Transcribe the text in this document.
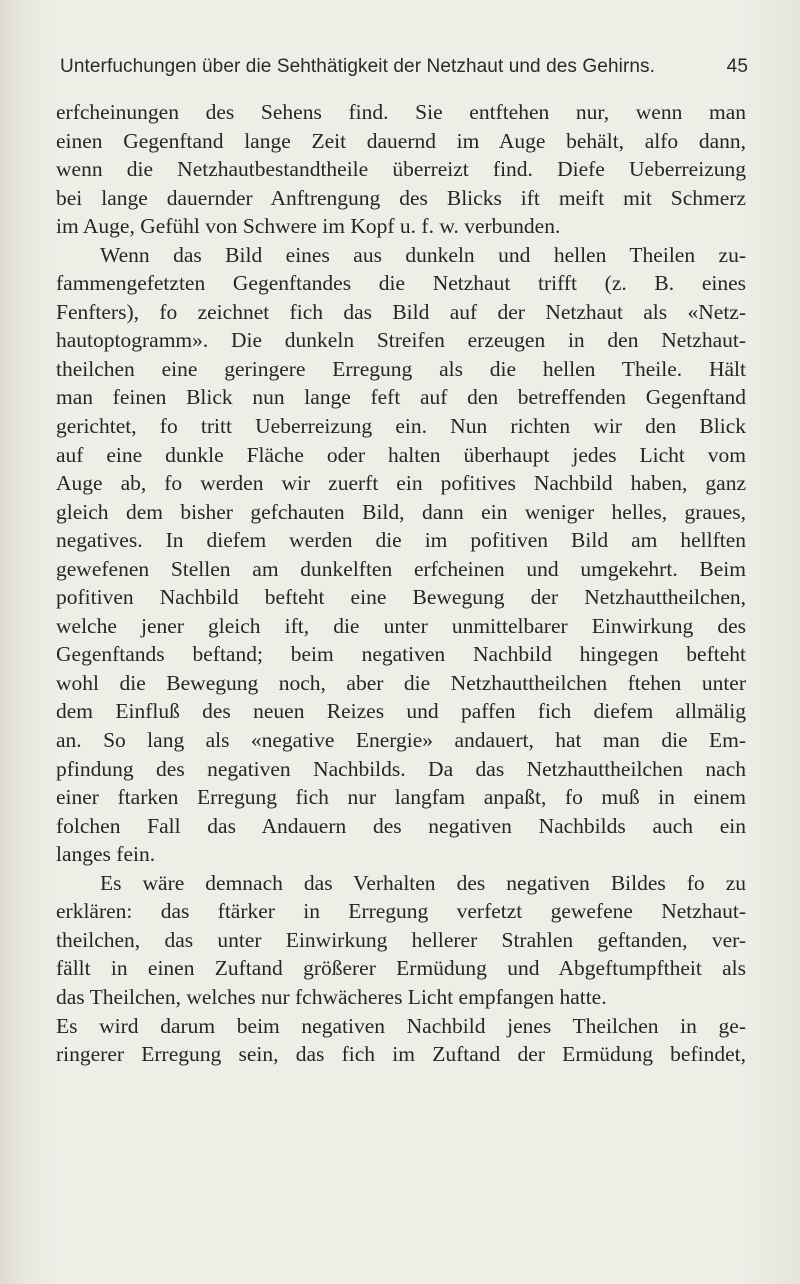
Unterfuchungen über die Sehthätigkeit der Netzhaut und des Gehirns.	45
erfcheinungen des Sehens find. Sie entftehen nur, wenn man
einen Gegenftand lange Zeit dauernd im Auge behält, alfo dann,
wenn die Netzhautbestandtheile überreizt find. Diefe Ueberreizung
bei lange dauernder Anftrengung des Blicks ift meift mit Schmerz
im Auge, Gefühl von Schwere im Kopf u. f. w. verbunden.
Wenn das Bild eines aus dunkeln und hellen Theilen zu-
fammengefetzten Gegenftandes die Netzhaut trifft (z. B. eines
Fenfters), fo zeichnet fich das Bild auf der Netzhaut als «Netz-
hautoptogramm». Die dunkeln Streifen erzeugen in den Netzhaut-
theilchen eine geringere Erregung als die hellen Theile. Hält
man feinen Blick nun lange feft auf den betreffenden Gegenftand
gerichtet, fo tritt Ueberreizung ein. Nun richten wir den Blick
auf eine dunkle Fläche oder halten überhaupt jedes Licht vom
Auge ab, fo werden wir zuerft ein pofitives Nachbild haben, ganz
gleich dem bisher gefchauten Bild, dann ein weniger helles, graues,
negatives. In diefem werden die im pofitiven Bild am hellften
gewefenen Stellen am dunkelften erfcheinen und umgekehrt. Beim
pofitiven Nachbild befteht eine Bewegung der Netzhauttheilchen,
welche jener gleich ift, die unter unmittelbarer Einwirkung des
Gegenftands beftand; beim negativen Nachbild hingegen befteht
wohl die Bewegung noch, aber die Netzhauttheilchen ftehen unter
dem Einfluß des neuen Reizes und paffen fich diefem allmälig
an. So lang als «negative Energie» andauert, hat man die Em-
pfindung des negativen Nachbilds. Da das Netzhauttheilchen nach
einer ftarken Erregung fich nur langfam anpaßt, fo muß in einem
folchen Fall das Andauern des negativen Nachbilds auch ein
langes fein.
Es wäre demnach das Verhalten des negativen Bildes fo zu
erklären: das ftärker in Erregung verfetzt gewefene Netzhaut-
theilchen, das unter Einwirkung hellerer Strahlen geftanden, ver-
fällt in einen Zuftand größerer Ermüdung und Abgeftumpftheit als
das Theilchen, welches nur fchwächeres Licht empfangen hatte.
Es wird darum beim negativen Nachbild jenes Theilchen in ge-
ringerer Erregung sein, das fich im Zuftand der Ermüdung befindet,
